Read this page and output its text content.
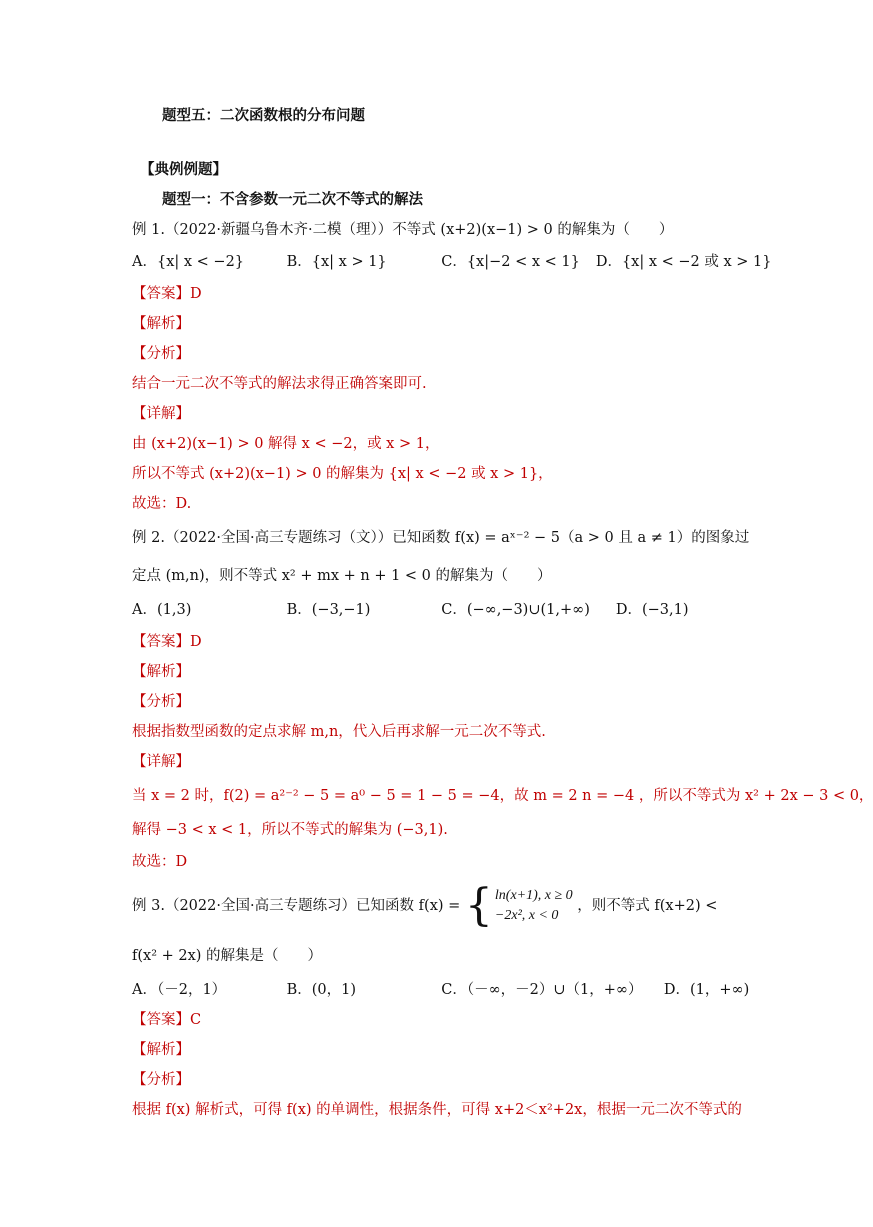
题型五：二次函数根的分布问题
【典例例题】
题型一：不含参数一元二次不等式的解法
例 1.（2022·新疆乌鲁木齐·二模（理））不等式 (x+2)(x−1) > 0 的解集为（　　）
A．{x| x < −2}	B．{x| x > 1}	C．{x|−2 < x < 1} D．{x| x < −2 或 x > 1}
【答案】D
【解析】
【分析】
结合一元二次不等式的解法求得正确答案即可.
【详解】
由 (x+2)(x−1) > 0 解得 x < −2，或 x > 1，
所以不等式 (x+2)(x−1) > 0 的解集为 {x| x < −2 或 x > 1}，
故选：D.
例 2.（2022·全国·高三专题练习（文））已知函数 f(x) = aˣ⁻² − 5（a > 0 且 a ≠ 1）的图象过
定点 (m,n)，则不等式 x² + mx + n + 1 < 0 的解集为（　　）
A．(1,3)	B．(−3,−1)	C．(−∞,−3)∪(1,+∞) D．(−3,1)
【答案】D
【解析】
【分析】
根据指数型函数的定点求解 m,n，代入后再求解一元二次不等式.
【详解】
当 x = 2 时，f(2) = a²⁻² − 5 = a⁰ − 5 = 1 − 5 = −4，故 m = 2 n = −4 ，所以不等式为 x² + 2x − 3 < 0，
解得 −3 < x < 1，所以不等式的解集为 (−3,1).
故选：D
例 3.（2022·全国·高三专题练习）已知函数 f(x) = { ln(x+1), x ≥ 0
−2x², x < 0
，则不等式 f(x+2) <
f(x² + 2x) 的解集是（　　）
A．（－2，1）	B．(0，1)	C．（－∞，－2）∪（1，+∞） D．(1，+∞)
【答案】C
【解析】
【分析】
根据 f(x) 解析式，可得 f(x) 的单调性，根据条件，可得 x+2＜x²+2x，根据一元二次不等式的
